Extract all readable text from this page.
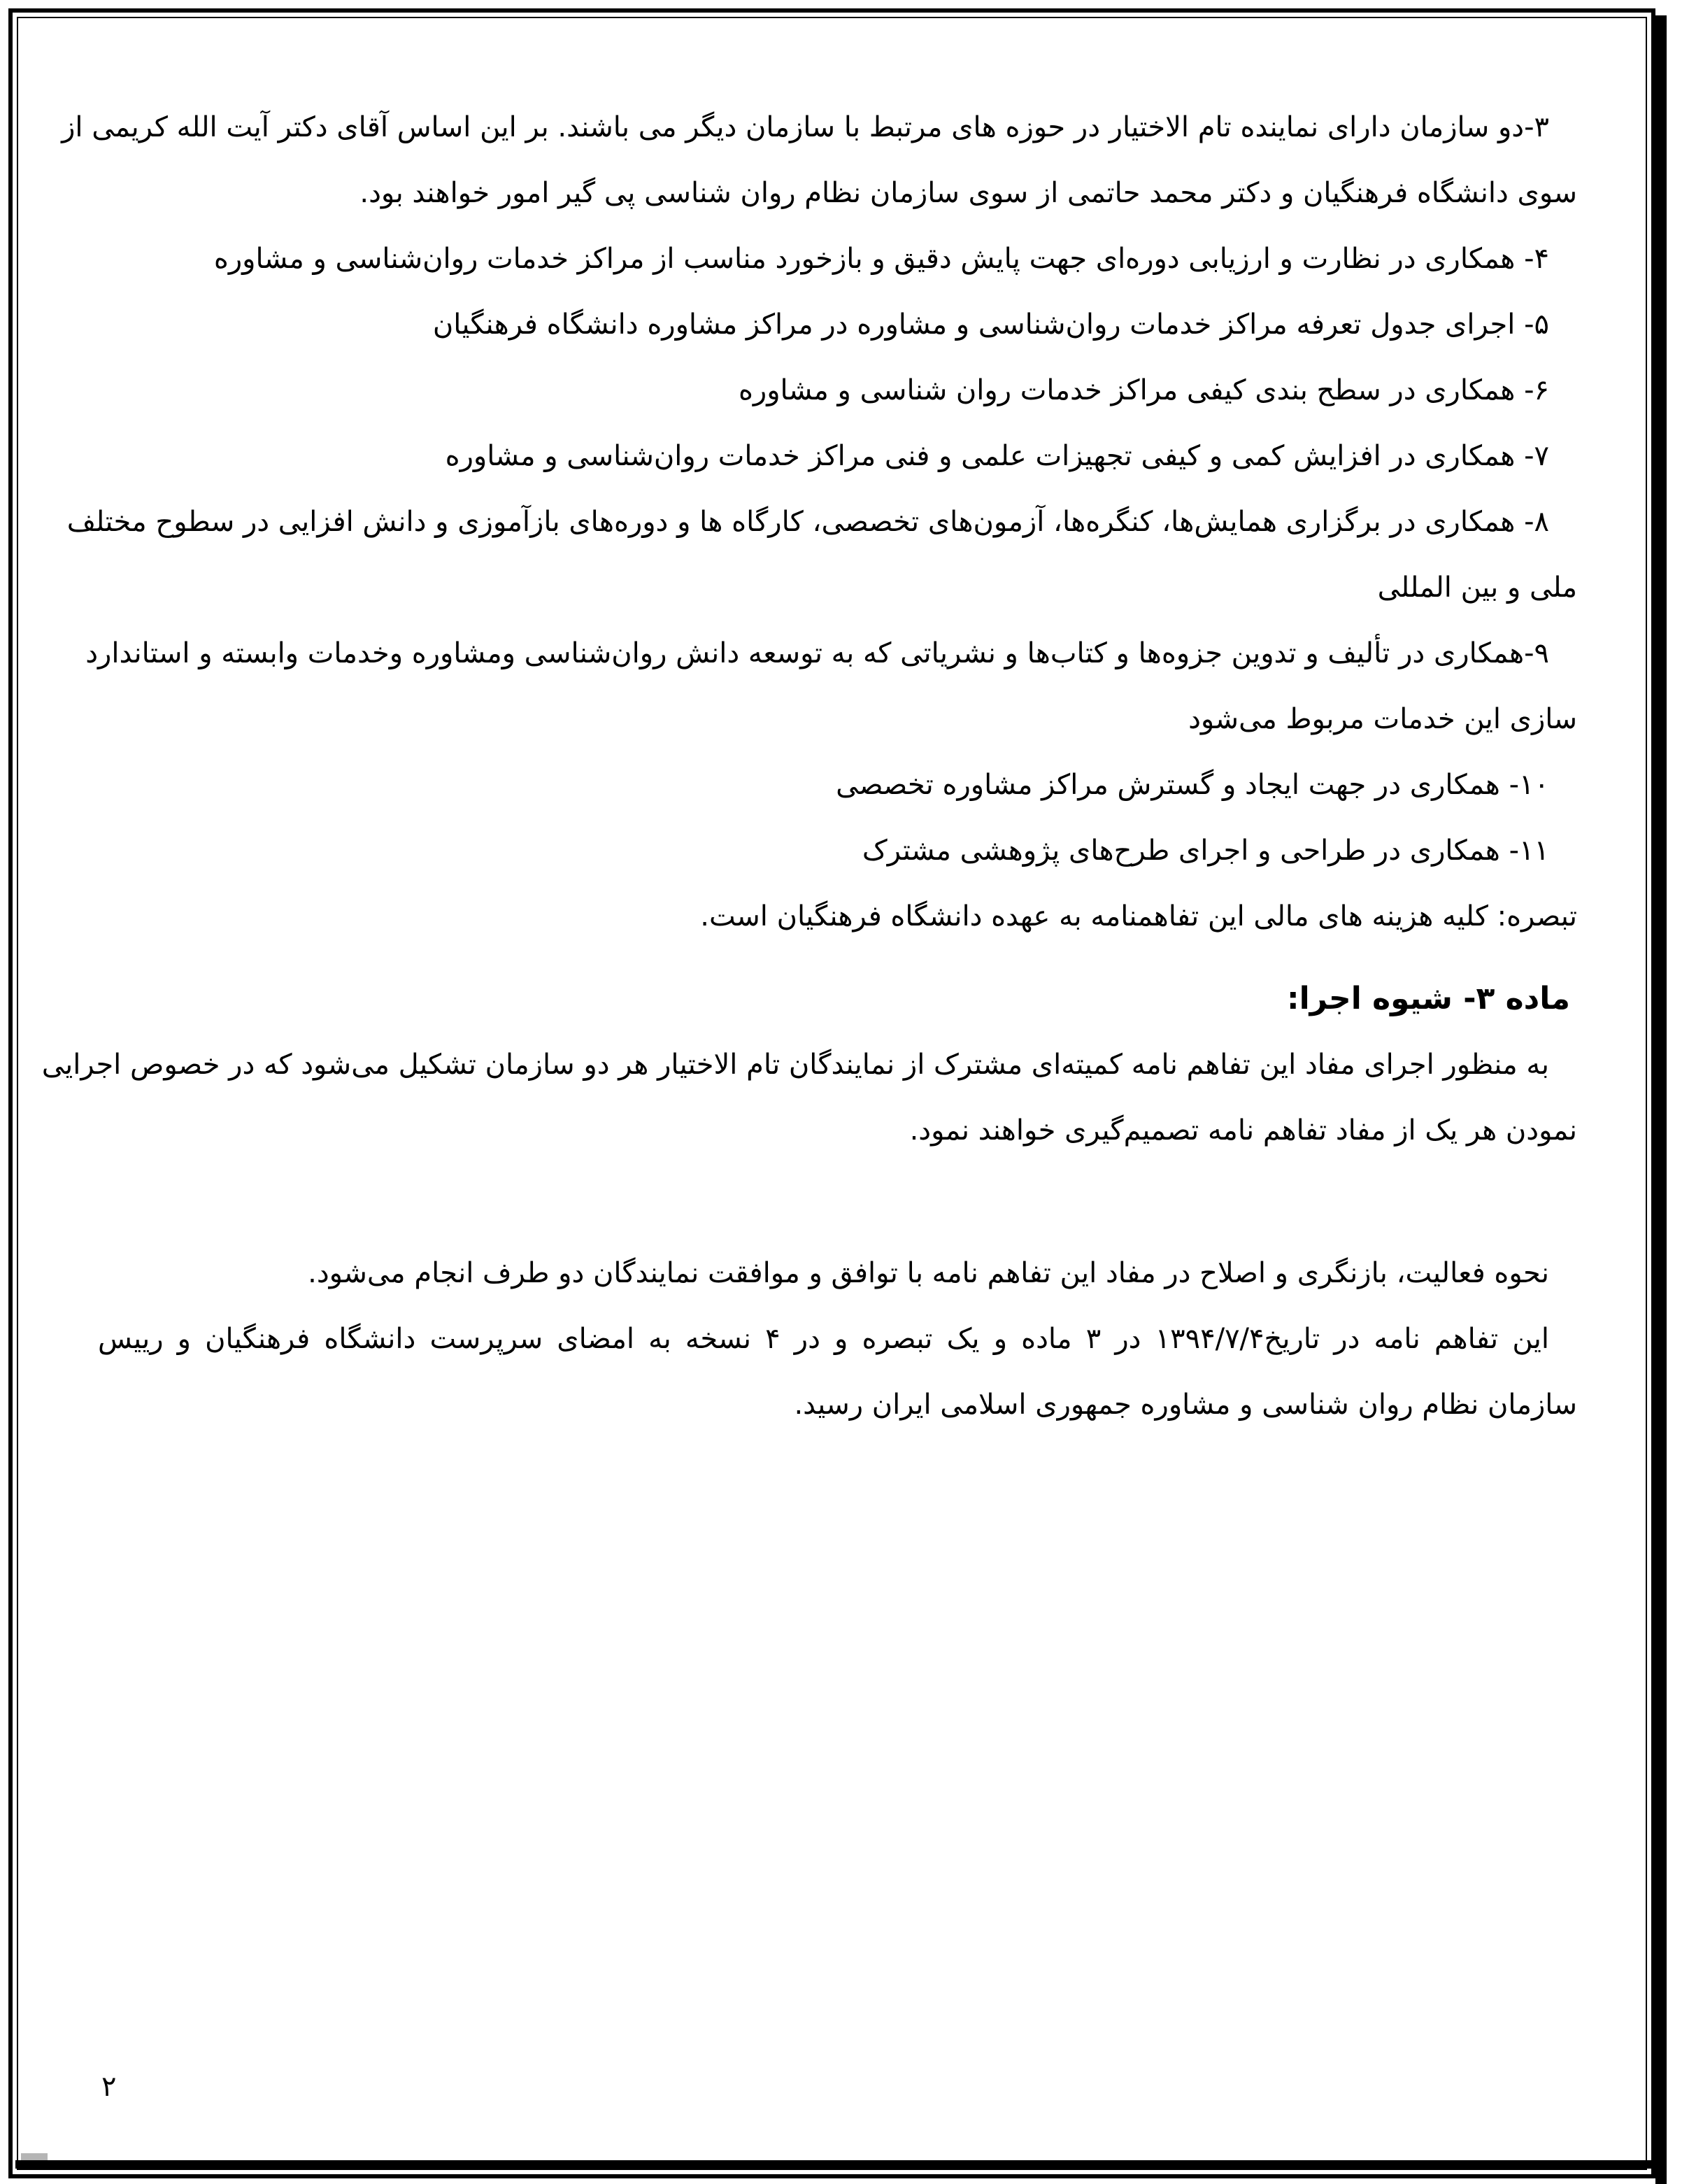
۳-دو سازمان دارای نماینده تام الاختیار در حوزه های مرتبط با سازمان دیگر می باشند. بر این اساس آقای دکتر آیت الله کریمی از
سوی دانشگاه فرهنگیان و دکتر محمد حاتمی از سوی سازمان نظام روان شناسی پی گیر امور خواهند بود.
۴- همکاری در نظارت و ارزیابی دوره‌ای جهت پایش دقیق و بازخورد مناسب از مراکز خدمات روان‌شناسی و مشاوره
۵- اجرای جدول تعرفه مراکز خدمات روان‌شناسی و مشاوره در مراکز مشاوره دانشگاه فرهنگیان
۶- همکاری در سطح بندی کیفی مراکز خدمات روان شناسی و مشاوره
۷- همکاری در افزایش کمی و کیفی تجهیزات علمی و فنی مراکز خدمات روان‌شناسی و مشاوره
۸- همکاری در برگزاری همایش‌ها، کنگره‌ها، آزمون‌های تخصصی، کارگاه ها و دوره‌های بازآموزی و دانش افزایی در سطوح مختلف
ملی و بین المللی
۹-همکاری در تألیف و تدوین جزوه‌ها و کتاب‌ها و نشریاتی که به توسعه دانش روان‌شناسی ومشاوره وخدمات وابسته و استاندارد
سازی این خدمات مربوط می‌شود
۱۰- همکاری در جهت ایجاد و گسترش مراکز مشاوره تخصصی
۱۱- همکاری در طراحی و اجرای طرح‌های پژوهشی مشترک
تبصره: کلیه هزینه های مالی این تفاهمنامه به عهده دانشگاه فرهنگیان است.
ماده ۳- شیوه اجرا:
به منظور اجرای مفاد این تفاهم نامه کمیته‌ای مشترک از نمایندگان تام الاختیار هر دو سازمان تشکیل می‌شود که در خصوص اجرایی
نمودن هر یک از مفاد تفاهم نامه تصمیم‌گیری خواهند نمود.
نحوه فعالیت، بازنگری و اصلاح در مفاد این تفاهم نامه با توافق و موافقت نمایندگان دو طرف انجام می‌شود.
این تفاهم نامه در تاریخ۱۳۹۴/۷/۴ در ۳ ماده و یک تبصره و در ۴ نسخه به امضای سرپرست دانشگاه فرهنگیان و رییس
سازمان نظام روان شناسی و مشاوره جمهوری اسلامی ایران رسید.
۲
